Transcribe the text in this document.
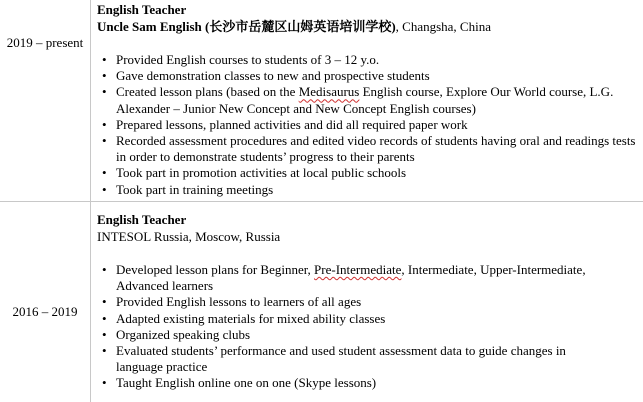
2019 – present
English Teacher
Uncle Sam English (长沙市岳麓区山姆英语培训学校), Changsha, China
• Provided English courses to students of 3 – 12 y.o.
• Gave demonstration classes to new and prospective students
• Created lesson plans (based on the Medisaurus English course, Explore Our World course, L.G. Alexander – Junior New Concept and New Concept English courses)
• Prepared lessons, planned activities and did all required paper work
• Recorded assessment procedures and edited video records of students having oral and readings tests in order to demonstrate students’ progress to their parents
• Took part in promotion activities at local public schools
• Took part in training meetings
2016 – 2019
English Teacher
INTESOL Russia, Moscow, Russia
• Developed lesson plans for Beginner, Pre-Intermediate, Intermediate, Upper-Intermediate, Advanced learners
• Provided English lessons to learners of all ages
• Adapted existing materials for mixed ability classes
• Organized speaking clubs
• Evaluated students’ performance and used student assessment data to guide changes in language practice
• Taught English online one on one (Skype lessons)
